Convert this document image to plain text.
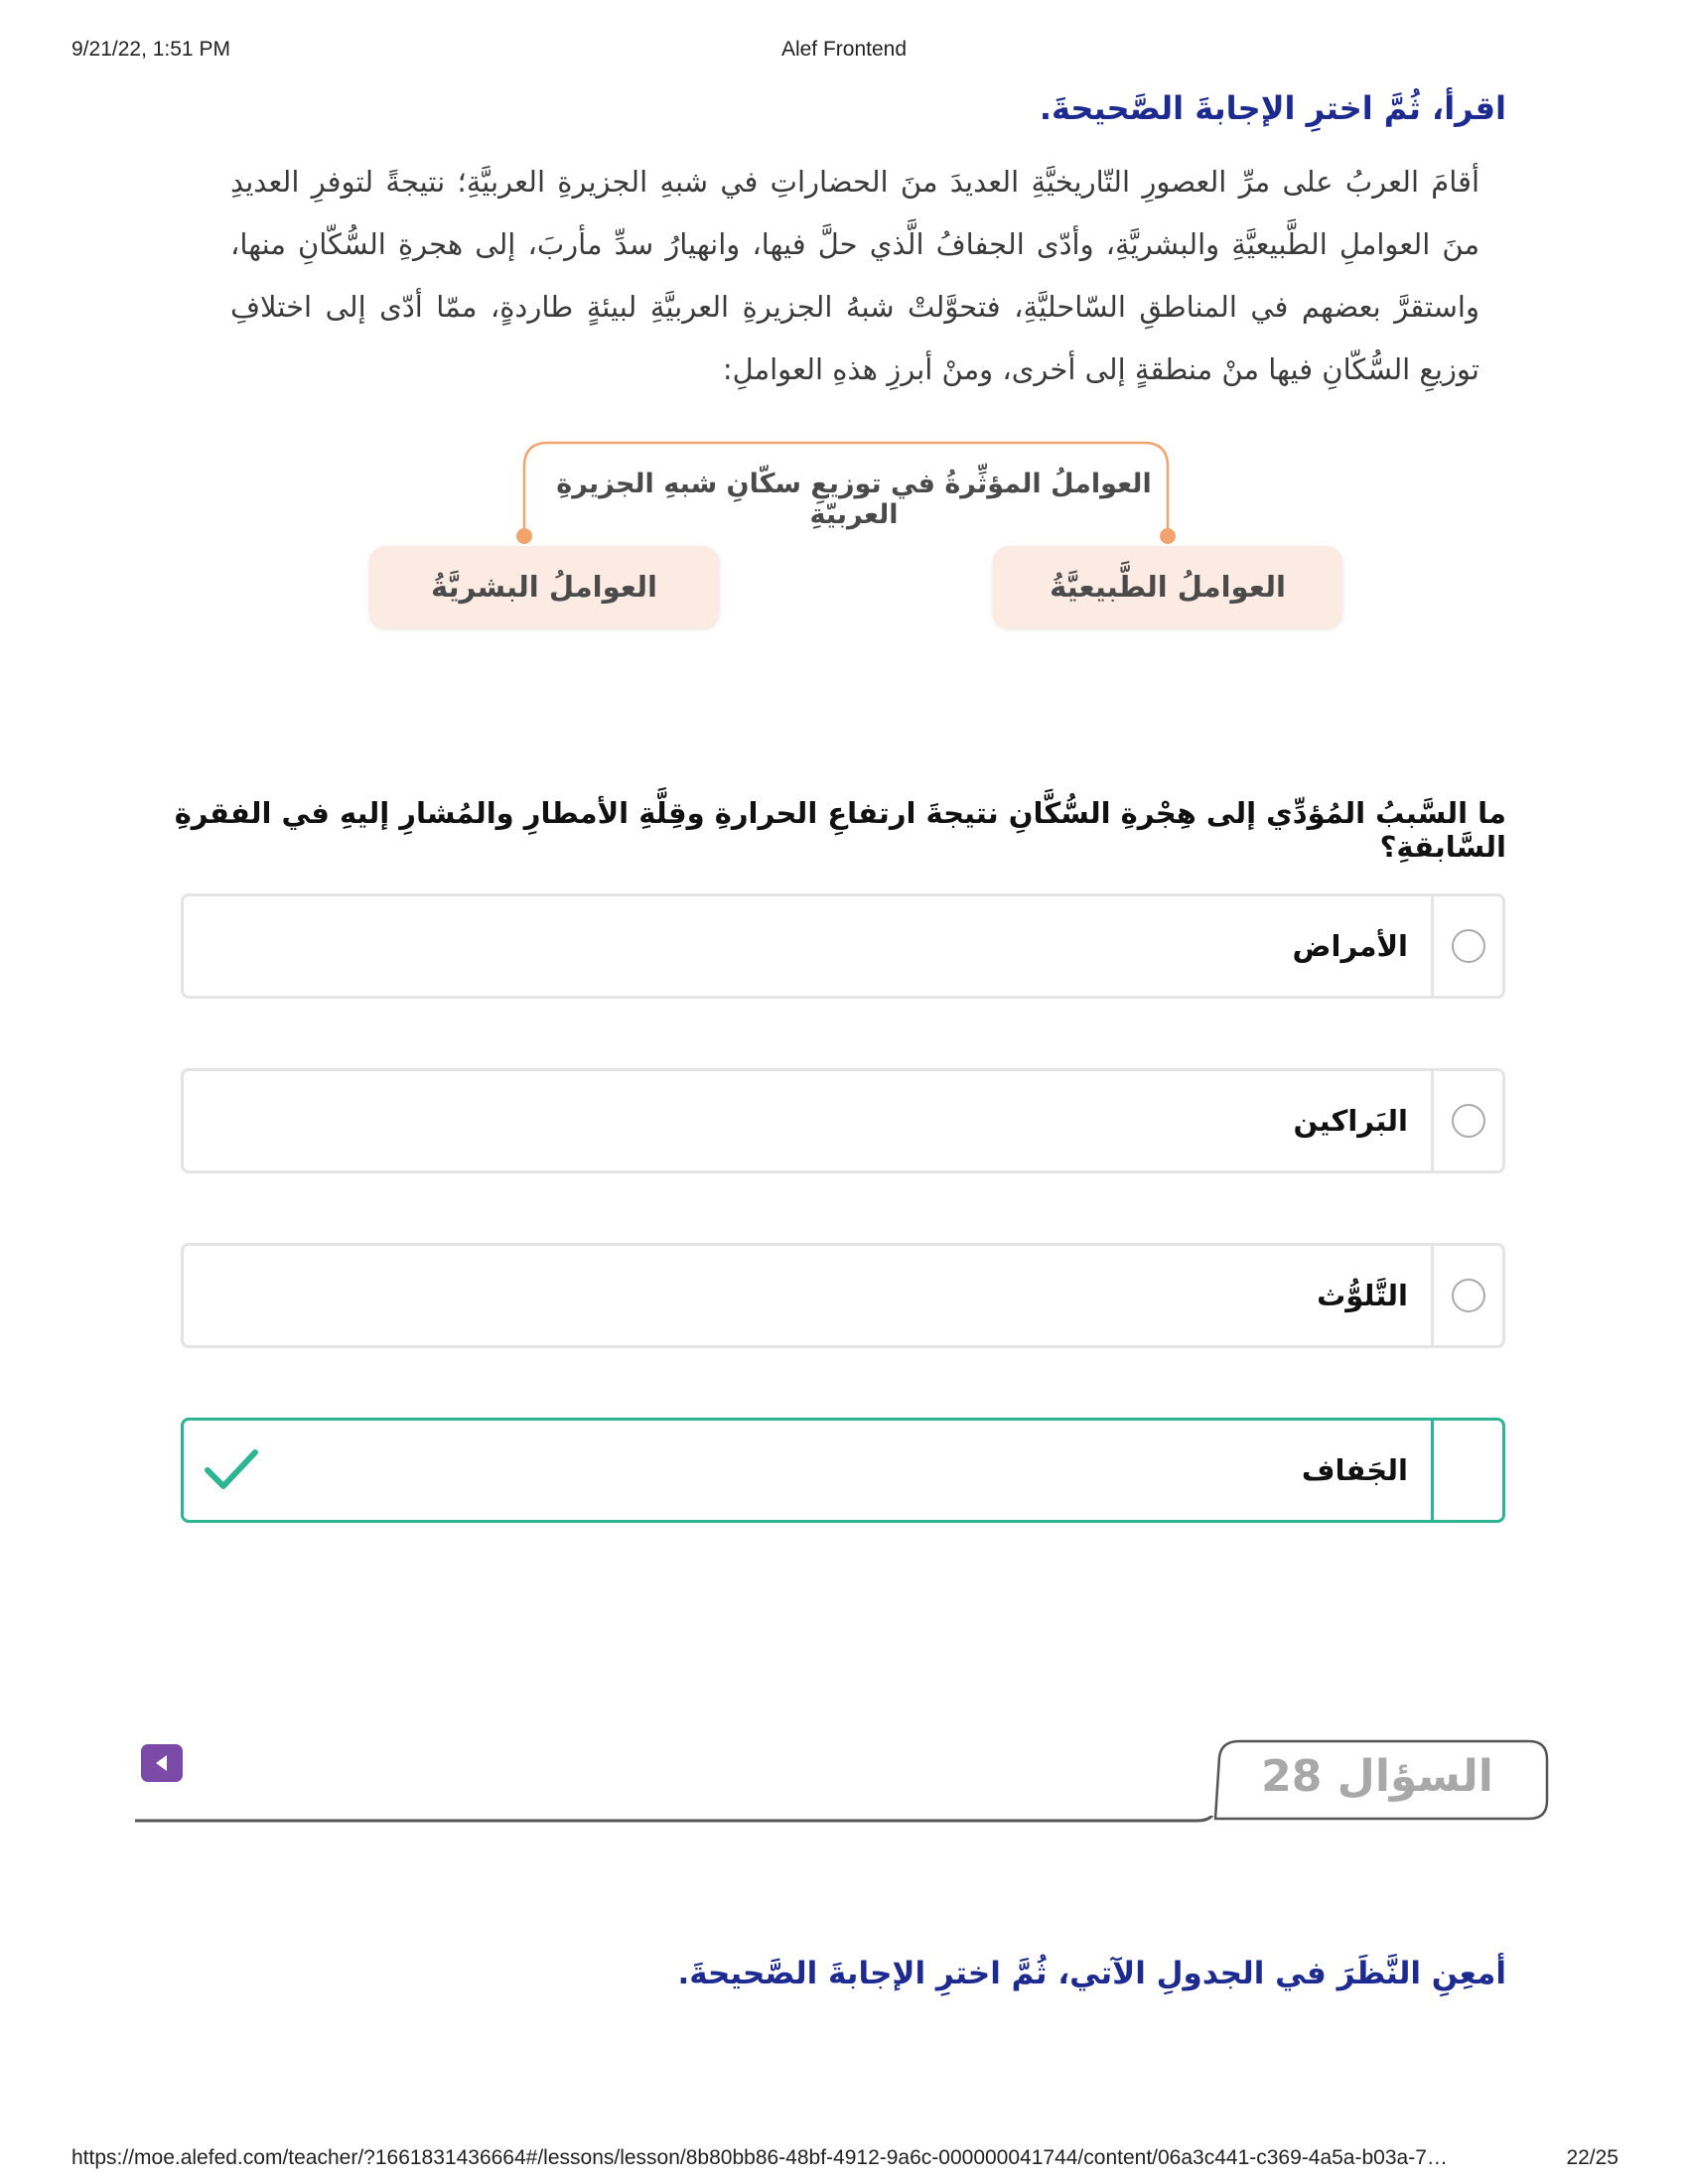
9/21/22, 1:51 PM	Alef Frontend
اقرأ، ثُمَّ اخترِ الإجابةَ الصَّحيحةَ.
أقامَ العربُ على مرِّ العصورِ التّاريخيَّةِ العديدَ منَ الحضاراتِ في شبهِ الجزيرةِ العربيَّةِ؛ نتيجةً لتوفرِ العديدِ منَ العواملِ الطَّبيعيَّةِ والبشريَّةِ، وأدّى الجفافُ الَّذي حلَّ فيها، وانهيارُ سدِّ مأربَ، إلى هجرةِ السُّكّانِ منها، واستقرَّ بعضهم في المناطقِ السّاحليَّةِ، فتحوَّلتْ شبهُ الجزيرةِ العربيَّةِ لبيئةٍ طاردةٍ، ممّا أدّى إلى اختلافِ توزيعِ السُّكّانِ فيها منْ منطقةٍ إلى أخرى، ومنْ أبرزِ هذهِ العواملِ:
العواملُ المؤثِّرةُ في توزيعِ سكّانِ شبهِ الجزيرةِ العربيّةِ
العواملُ الطَّبيعيَّةُ
العواملُ البشريَّةُ
ما السَّببُ المُؤدِّي إلى هِجْرةِ السُّكَّانِ نتيجةَ ارتفاعِ الحرارةِ وقِلَّةِ الأمطارِ والمُشارِ إليهِ في الفقرةِ السَّابقةِ؟
الأمراض
البَراكين
التَّلوُّث
الجَفاف
السؤال 28
أمعِنِ النَّظَرَ في الجدولِ الآتي، ثُمَّ اخترِ الإجابةَ الصَّحيحةَ.
https://moe.alefed.com/teacher/?1661831436664#/lessons/lesson/8b80bb86-48bf-4912-9a6c-000000041744/content/06a3c441-c369-4a5a-b03a-7…	22/25
